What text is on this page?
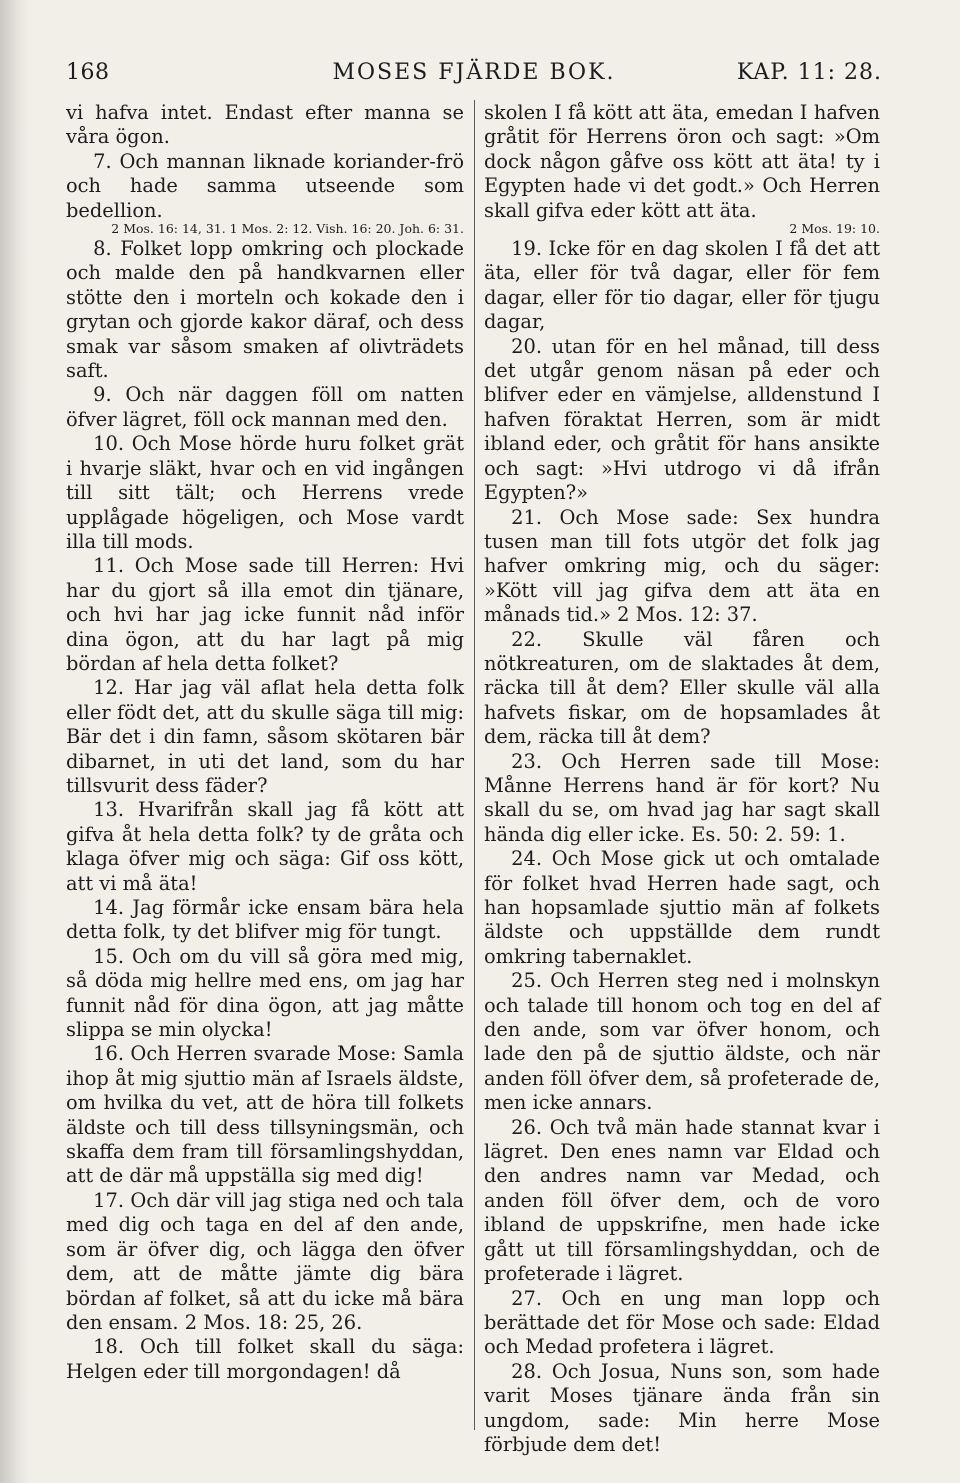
168	MOSES FJÄRDE BOK.	KAP. 11: 28.

vi hafva intet. Endast efter manna se våra ögon.

7. Och mannan liknade koriander-frö och hade samma utseende som bedellion.

2 Mos. 16: 14, 31. 1 Mos. 2: 12. Vish. 16: 20. Joh. 6: 31.

8. Folket lopp omkring och plockade och malde den på handkvarnen eller stötte den i morteln och kokade den i grytan och gjorde kakor däraf, och dess smak var såsom smaken af olivträdets saft.

9. Och när daggen föll om natten öfver lägret, föll ock mannan med den.

10. Och Mose hörde huru folket grät i hvarje släkt, hvar och en vid ingången till sitt tält; och Herrens vrede upplågade högeligen, och Mose vardt illa till mods.

11. Och Mose sade till Herren: Hvi har du gjort så illa emot din tjänare, och hvi har jag icke funnit nåd inför dina ögon, att du har lagt på mig bördan af hela detta folket?

12. Har jag väl aflat hela detta folk eller födt det, att du skulle säga till mig: Bär det i din famn, såsom skötaren bär dibarnet, in uti det land, som du har tillsvurit dess fäder?

13. Hvarifrån skall jag få kött att gifva åt hela detta folk? ty de gråta och klaga öfver mig och säga: Gif oss kött, att vi må äta!

14. Jag förmår icke ensam bära hela detta folk, ty det blifver mig för tungt.

15. Och om du vill så göra med mig, så döda mig hellre med ens, om jag har funnit nåd för dina ögon, att jag måtte slippa se min olycka!

16. Och Herren svarade Mose: Samla ihop åt mig sjuttio män af Israels äldste, om hvilka du vet, att de höra till folkets äldste och till dess tillsyningsmän, och skaffa dem fram till församlingshyddan, att de där må uppställa sig med dig!

17. Och där vill jag stiga ned och tala med dig och taga en del af den ande, som är öfver dig, och lägga den öfver dem, att de måtte jämte dig bära bördan af folket, så att du icke må bära den ensam. 2 Mos. 18: 25, 26.

18. Och till folket skall du säga: Helgen eder till morgondagen! då

skolen I få kött att äta, emedan I hafven gråtit för Herrens öron och sagt: »Om dock någon gåfve oss kött att äta! ty i Egypten hade vi det godt.» Och Herren skall gifva eder kött att äta.

2 Mos. 19: 10.

19. Icke för en dag skolen I få det att äta, eller för två dagar, eller för fem dagar, eller för tio dagar, eller för tjugu dagar,

20. utan för en hel månad, till dess det utgår genom näsan på eder och blifver eder en vämjelse, alldenstund I hafven föraktat Herren, som är midt ibland eder, och gråtit för hans ansikte och sagt: »Hvi utdrogo vi då ifrån Egypten?»

21. Och Mose sade: Sex hundra tusen man till fots utgör det folk jag hafver omkring mig, och du säger: »Kött vill jag gifva dem att äta en månads tid.» 2 Mos. 12: 37.

22. Skulle väl fåren och nötkreaturen, om de slaktades åt dem, räcka till åt dem? Eller skulle väl alla hafvets fiskar, om de hopsamlades åt dem, räcka till åt dem?

23. Och Herren sade till Mose: Månne Herrens hand är för kort? Nu skall du se, om hvad jag har sagt skall hända dig eller icke. Es. 50: 2. 59: 1.

24. Och Mose gick ut och omtalade för folket hvad Herren hade sagt, och han hopsamlade sjuttio män af folkets äldste och uppställde dem rundt omkring tabernaklet.

25. Och Herren steg ned i molnskyn och talade till honom och tog en del af den ande, som var öfver honom, och lade den på de sjuttio äldste, och när anden föll öfver dem, så profeterade de, men icke annars.

26. Och två män hade stannat kvar i lägret. Den enes namn var Eldad och den andres namn var Medad, och anden föll öfver dem, och de voro ibland de uppskrifne, men hade icke gått ut till församlingshyddan, och de profeterade i lägret.

27. Och en ung man lopp och berättade det för Mose och sade: Eldad och Medad profetera i lägret.

28. Och Josua, Nuns son, som hade varit Moses tjänare ända från sin ungdom, sade: Min herre Mose förbjude dem det!
